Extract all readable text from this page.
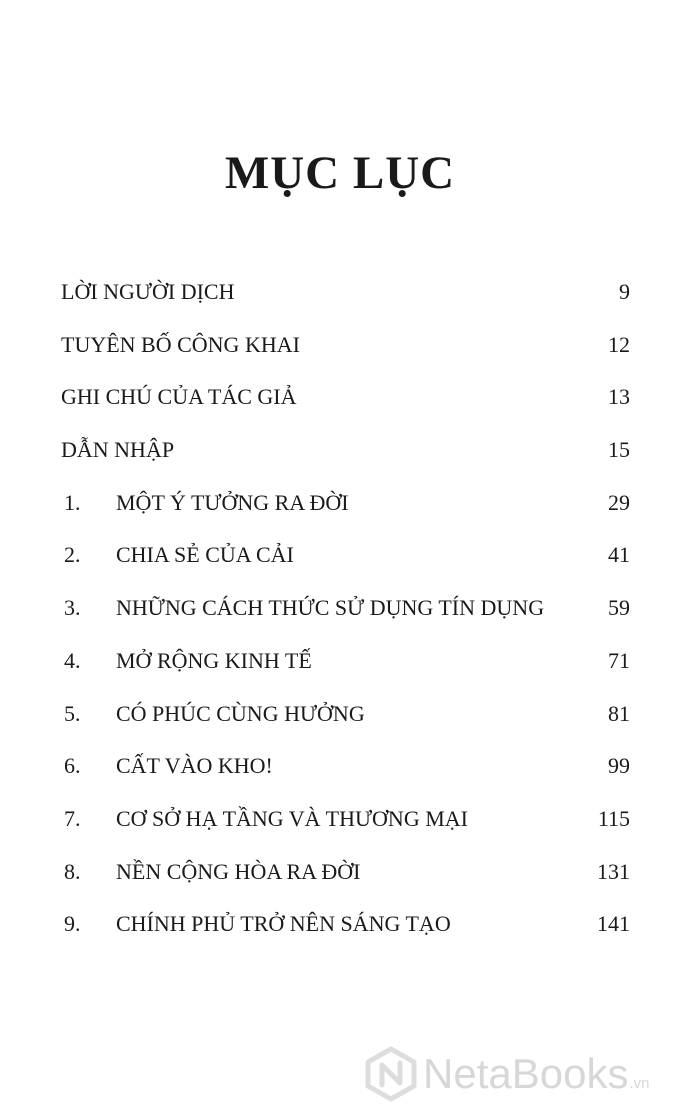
MỤC LỤC
LỜI NGƯỜI DỊCH	9
TUYÊN BỐ CÔNG KHAI	12
GHI CHÚ CỦA TÁC GIẢ	13
DẪN NHẬP	15
1. MỘT Ý TƯỞNG RA ĐỜI	29
2. CHIA SẺ CỦA CẢI	41
3. NHỮNG CÁCH THỨC SỬ DỤNG TÍN DỤNG	59
4. MỞ RỘNG KINH TẾ	71
5. CÓ PHÚC CÙNG HƯỞNG	81
6. CẤT VÀO KHO!	99
7. CƠ SỞ HẠ TẦNG VÀ THƯƠNG MẠI	115
8. NỀN CỘNG HÒA RA ĐỜI	131
9. CHÍNH PHỦ TRỞ NÊN SÁNG TẠO	141
NetaBooks .vn
